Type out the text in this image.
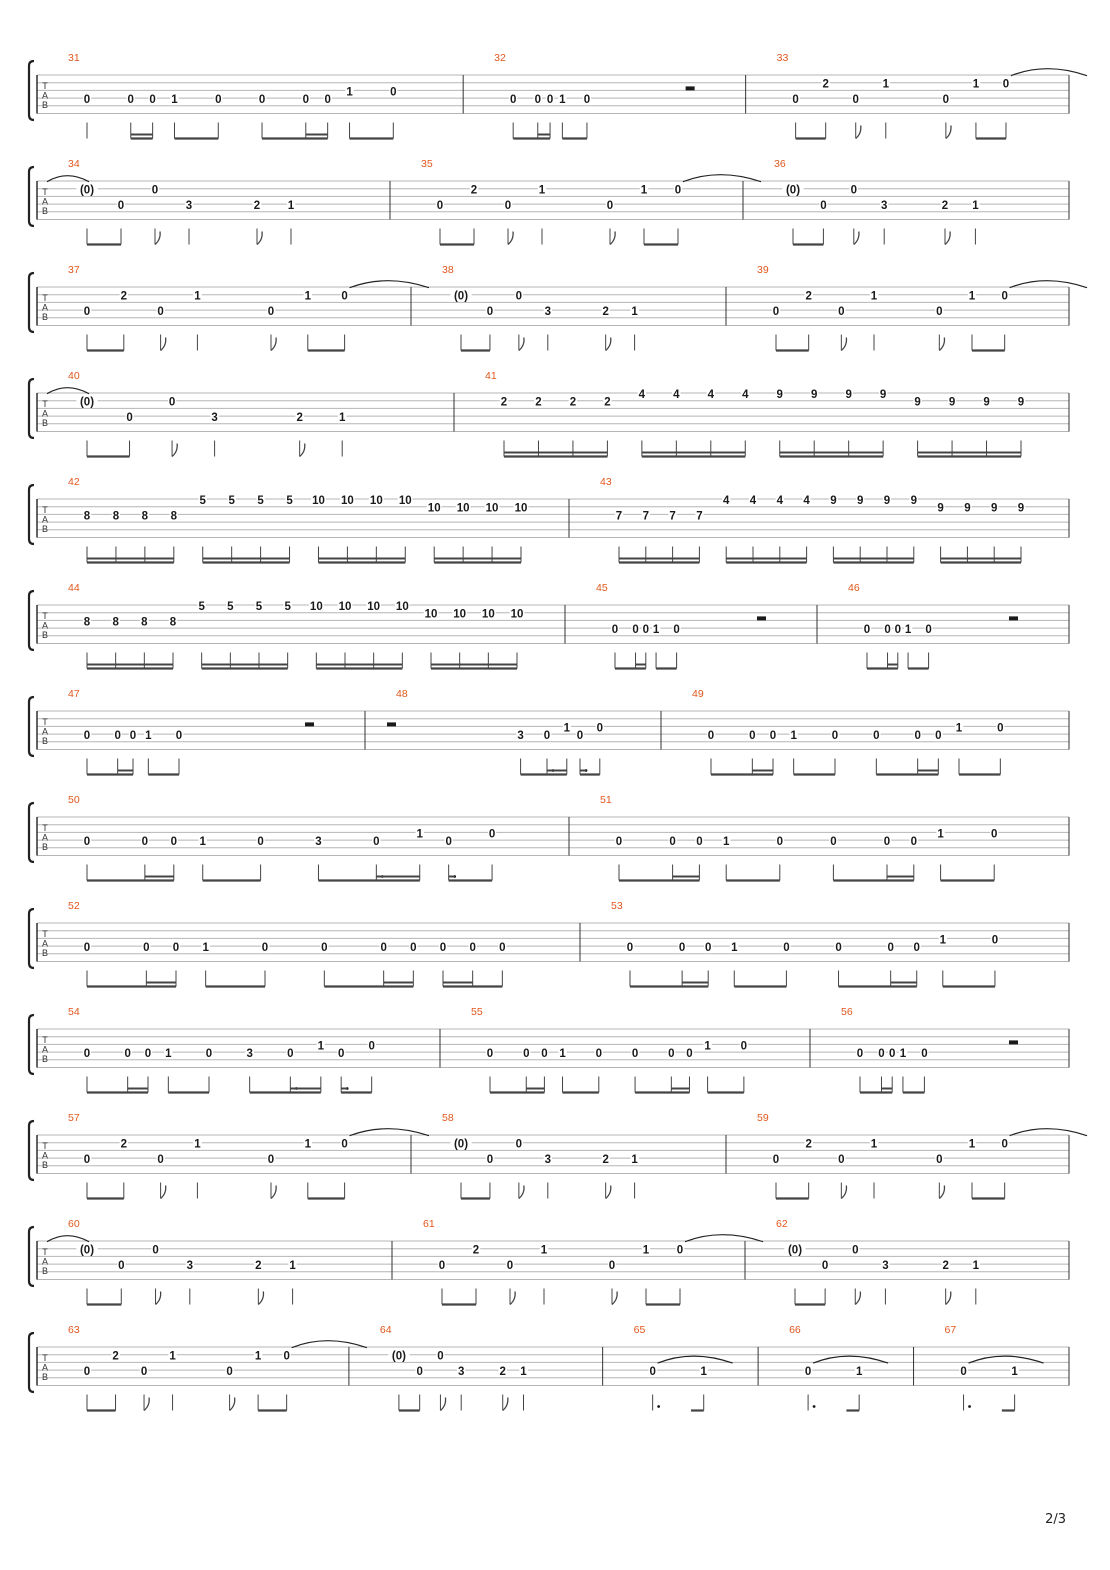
T
A
B
31
0	0 0 1	0	0	0 0
1	0
32
0 0 0 1 0
33
0
2
0
1
0
1 0
T
A
B
34
(0)
0
0
3	2 1
35
0
2
0
1
0
1 0
36
(0)
0
0
3	2 1
T
A
B
37
0
2
0
1
0
1	0
38
(0)
0
0
3	2 1
39
0
2
0
1
0
1 0
T
A
B
40
(0)
0
0
3	2	1
41
2 2 2 2
4 4 4 4 9 9 9 9
9 9 9 9
T
A
B
42
8 8 8 8
5 5 5 5 10 10 10 10
10 10 10 10
43
7 7 7 7
4 4 4 4 9 9 9 9
9 9 9 9
T
A
B
44
8 8 8 8
5 5 5 5 10 10 10 10
10 10 10 10
45
0 0 0 1 0
46
0 0 0 1 0
T
A
B
47
0 0 0 1 0
48
3 0
1
0
0
49
0	0 0 1	0	0	0 0
1	0
T
A
B
50
0	0 0 1	0	3	0
1
0
0
51
0	0 0 1	0	0	0 0
1	0
T
A
B
52
0	0 0 1	0	0	0 0 0 0 0
53
0	0 0 1	0	0	0 0
1	0
T
A
B
54
0	0 0 1	0	3	0
1
0
0
55
0	0 0 1	0	0	0 0
1	0
56
0 0 0 1 0
T
A
B
57
0
2
0
1
0
1	0
58
(0)
0
0
3	2 1
59
0
2
0
1
0
1 0
T
A
B
60
(0)
0
0
3	2 1
61
0
2
0
1
0
1 0
62
(0)
0
0
3	2 1
T
A
B
63
0
2
0
1
0
1 0
64
(0)
0
0
3	2 1
65
0	1
66
0	1
67
0	1
2/3
